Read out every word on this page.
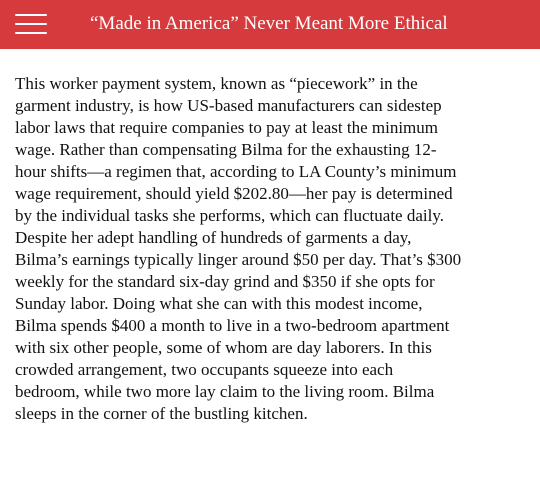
“Made in America” Never Meant More Ethical
This worker payment system, known as “piecework” in the
garment industry, is how US-based manufacturers can sidestep
labor laws that require companies to pay at least the minimum
wage. Rather than compensating Bilma for the exhausting 12-
hour shifts—a regimen that, according to LA County’s minimum
wage requirement, should yield $202.80—her pay is determined
by the individual tasks she performs, which can fluctuate daily.
Despite her adept handling of hundreds of garments a day,
Bilma’s earnings typically linger around $50 per day. That’s $300
weekly for the standard six-day grind and $350 if she opts for
Sunday labor. Doing what she can with this modest income,
Bilma spends $400 a month to live in a two-bedroom apartment
with six other people, some of whom are day laborers. In this
crowded arrangement, two occupants squeeze into each
bedroom, while two more lay claim to the living room. Bilma
sleeps in the corner of the bustling kitchen.
